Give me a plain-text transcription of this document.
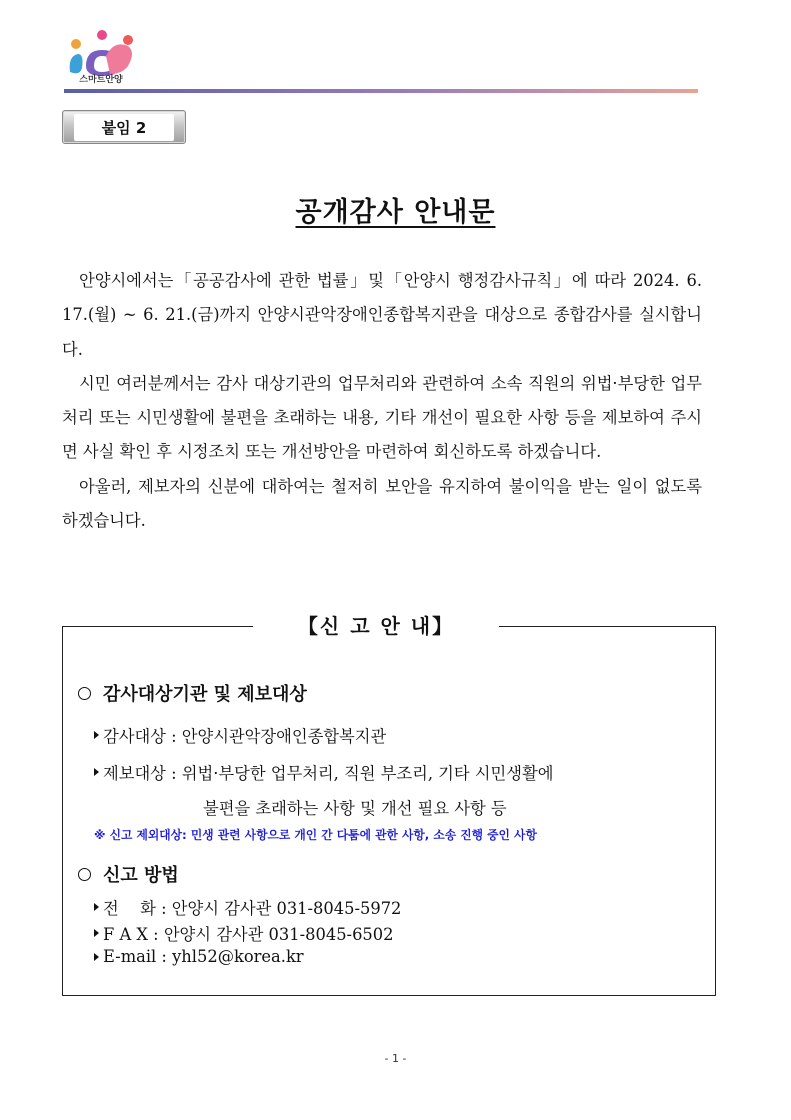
스마트안양
붙임 2
공개감사 안내문

안양시에서는「공공감사에 관한 법률」및「안양시 행정감사규칙」에 따라 2024. 6. 17.(월) ~ 6. 21.(금)까지 안양시관악장애인종합복지관을 대상으로 종합감사를 실시합니다.

시민 여러분께서는 감사 대상기관의 업무처리와 관련하여 소속 직원의 위법·부당한 업무처리 또는 시민생활에 불편을 초래하는 내용, 기타 개선이 필요한 사항 등을 제보하여 주시면 사실 확인 후 시정조치 또는 개선방안을 마련하여 회신하도록 하겠습니다.

아울러, 제보자의 신분에 대하여는 철저히 보안을 유지하여 불이익을 받는 일이 없도록 하겠습니다.

【신 고 안 내】
감사대상기관 및 제보대상
감사대상 : 안양시관악장애인종합복지관
제보대상 : 위법·부당한 업무처리, 직원 부조리, 기타 시민생활에
불편을 초래하는 사항 및 개선 필요 사항 등
※ 신고 제외대상: 민생 관련 사항으로 개인 간 다툼에 관한 사항, 소송 진행 중인 사항
신고 방법
전　 화 : 안양시 감사관 031-8045-5972
F A X : 안양시 감사관 031-8045-6502
E-mail : yhl52@korea.kr
- 1 -
